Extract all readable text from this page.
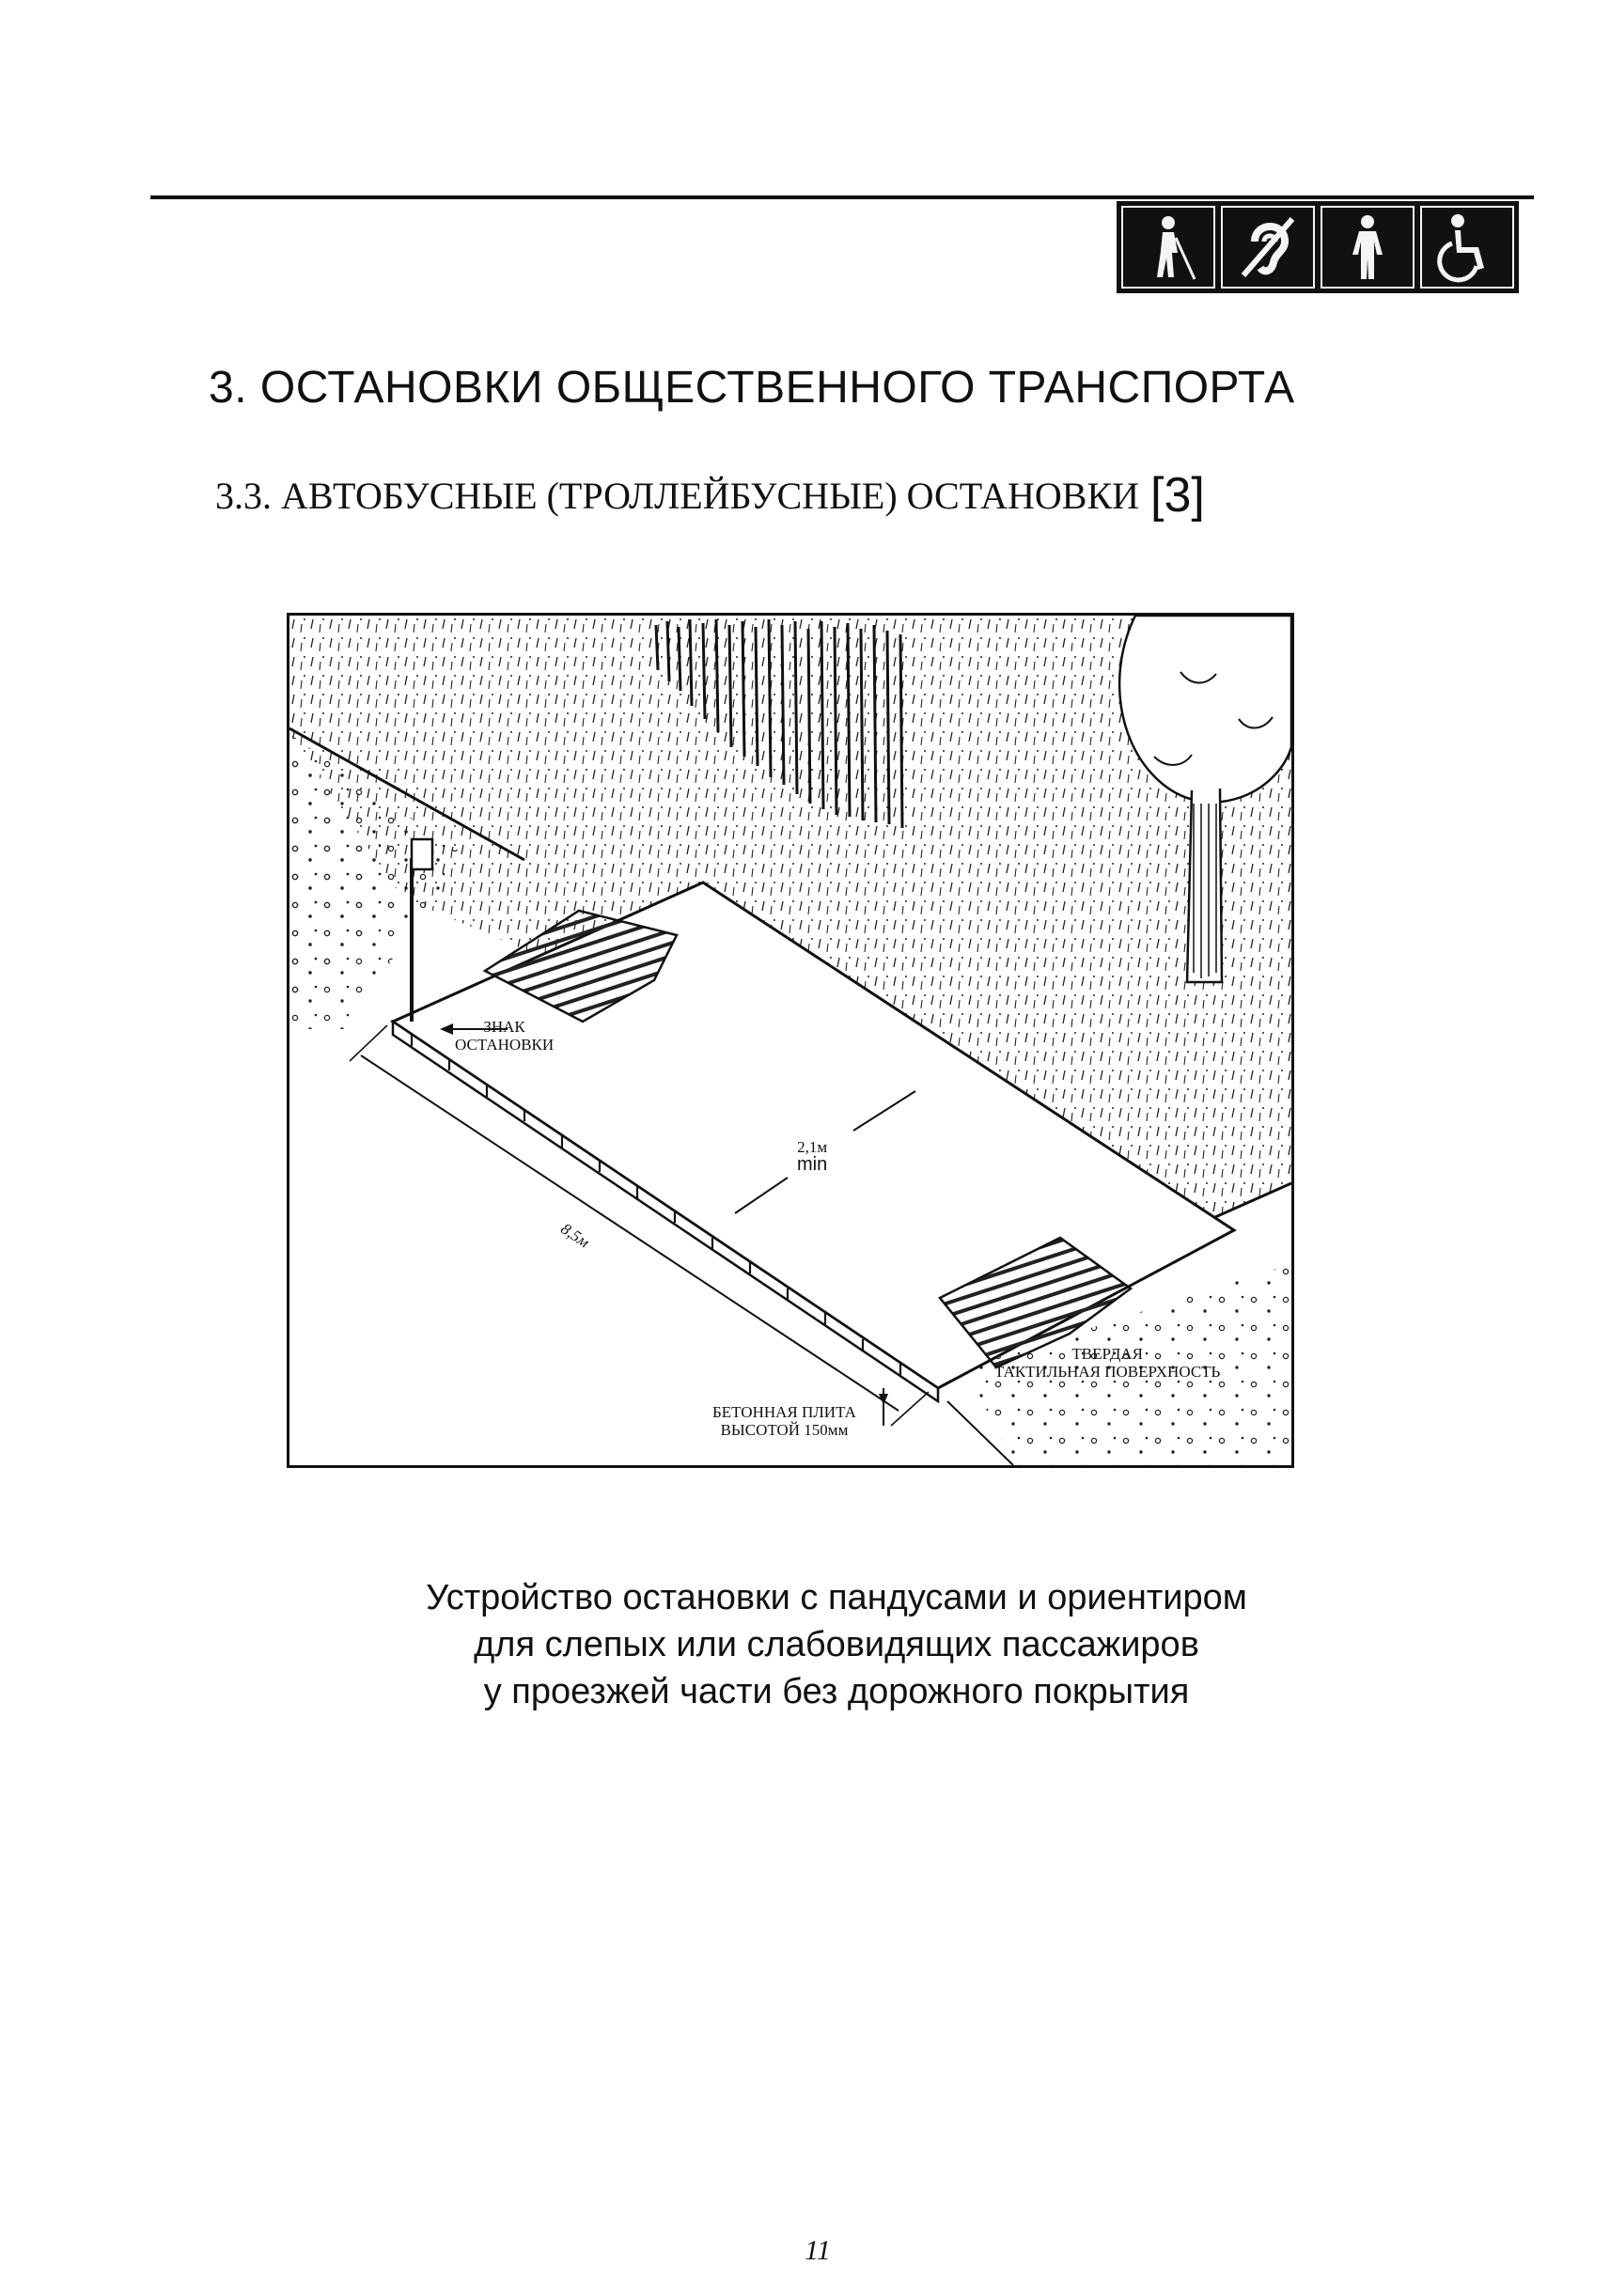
3. ОСТАНОВКИ ОБЩЕСТВЕННОГО ТРАНСПОРТА
3.3. АВТОБУСНЫЕ (ТРОЛЛЕЙБУСНЫЕ) ОСТАНОВКИ [3]
ЗНАК
ОСТАНОВКИ
2,1м
min
8,5м
ТВЕРДАЯ
ТАКТИЛЬНАЯ ПОВЕРХНОСТЬ
БЕТОННАЯ ПЛИТА
ВЫСОТОЙ 150мм
Устройство остановки с пандусами и ориентиром
для слепых или слабовидящих пассажиров
у проезжей части без дорожного покрытия
11
